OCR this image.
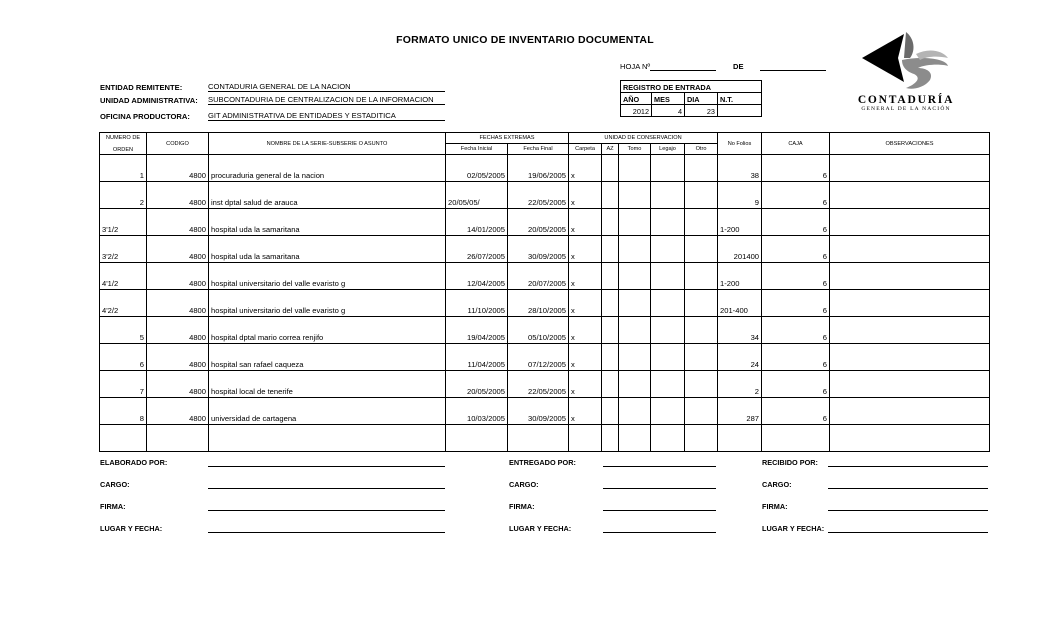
FORMATO UNICO DE INVENTARIO DOCUMENTAL
HOJA Nº	DE
ENTIDAD REMITENTE:	CONTADURIA GENERAL DE LA NACION
UNIDAD ADMINISTRATIVA: SUBCONTADURIA DE CENTRALIZACION DE LA INFORMACION
OFICINA PRODUCTORA: GIT ADMINISTRATIVA DE ENTIDADES Y ESTADITICA
REGISTRO DE ENTRADA			
AÑO	MES	DIA	N.T.
2012	4	23	
CONTADURÍA
GENERAL DE LA NACIÓN
NUMERO DE

ORDEN	CODIGO	NOMBRE DE LA SERIE-SUBSERIE O ASUNTO	FECHAS EXTREMAS		UNIDAD DE CONSERVACION					No Folios	CAJA	OBSERVACIONES
			Fecha Inicial	Fecha Final	Carpeta	AZ	Tomo	Legajo	Otro			
1	4800	procuraduria general de la nacion	02/05/2005	19/06/2005	x					38	6	
2	4800	inst dptal salud de arauca	20/05/05/	22/05/2005	x					9	6	
3'1/2	4800	hospital uda la samaritana	14/01/2005	20/05/2005	x					1-200	6	
3'2/2	4800	hospital uda la samaritana	26/07/2005	30/09/2005	x					201400	6	
4'1/2	4800	hospital universitario del valle evaristo g	12/04/2005	20/07/2005	x					1-200	6	
4'2/2	4800	hospital universitario del valle evaristo g	11/10/2005	28/10/2005	x					201-400	6	
5	4800	hospital dptal mario correa renjifo	19/04/2005	05/10/2005	x					34	6	
6	4800	hospital san rafael caqueza	11/04/2005	07/12/2005	x					24	6	
7	4800	hospital local de tenerife	20/05/2005	22/05/2005	x					2	6	
8	4800	universidad de cartagena	10/03/2005	30/09/2005	x					287	6	

ELABORADO POR:
CARGO:
FIRMA:
LUGAR Y FECHA:
ENTREGADO POR:
CARGO:
FIRMA:
LUGAR Y FECHA:
RECIBIDO POR:
CARGO:
FIRMA:
LUGAR Y FECHA:
